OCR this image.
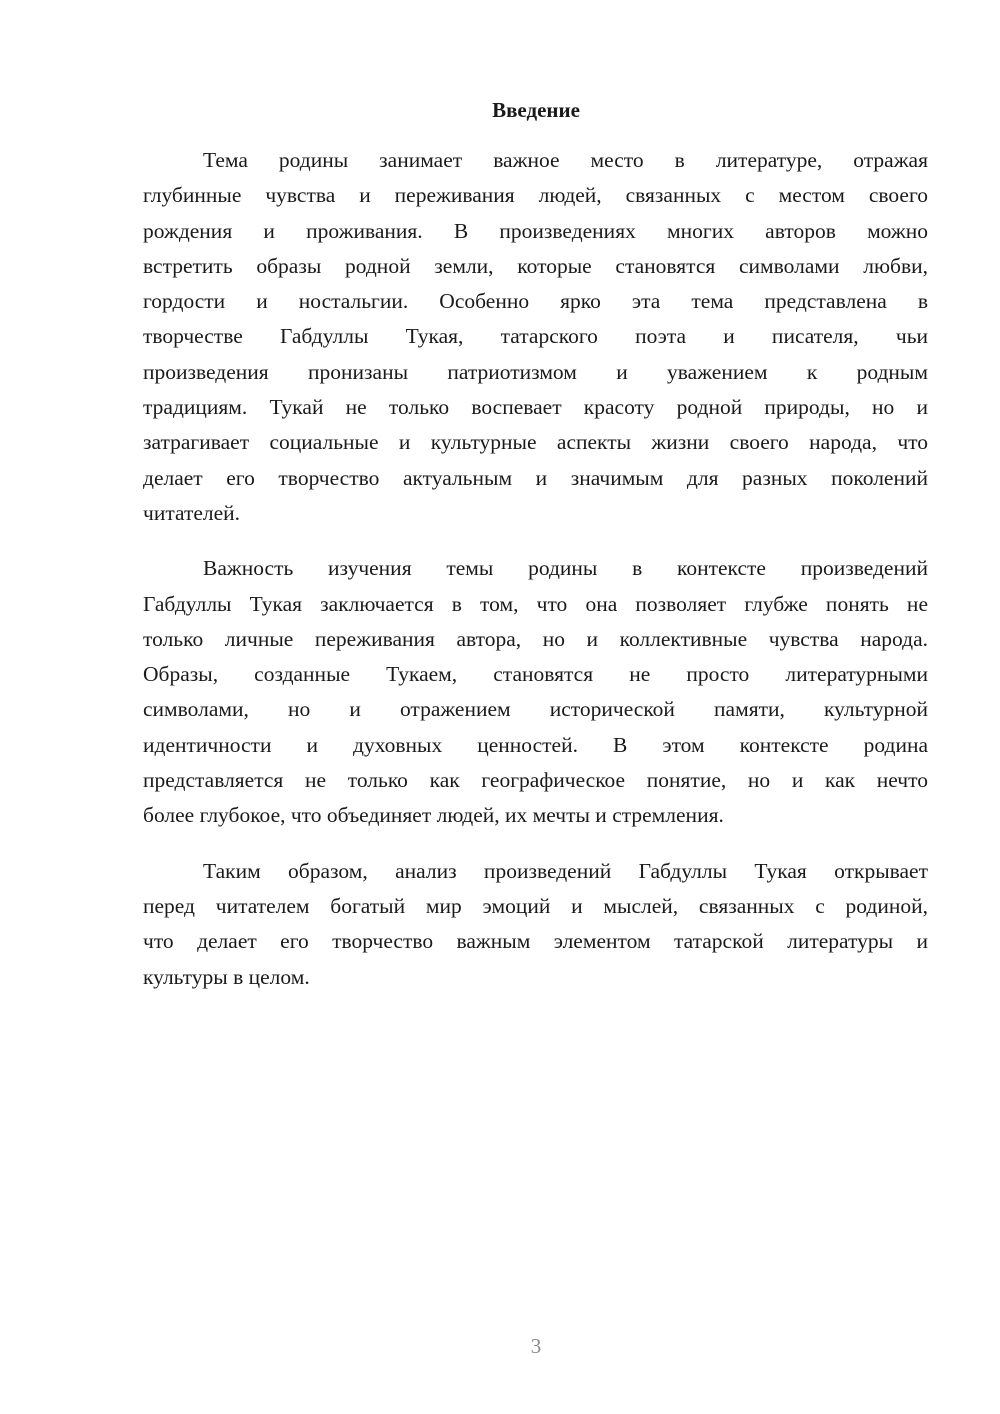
Введение
Тема родины занимает важное место в литературе, отражая
глубинные чувства и переживания людей, связанных с местом своего
рождения и проживания. В произведениях многих авторов можно
встретить образы родной земли, которые становятся символами любви,
гордости и ностальгии. Особенно ярко эта тема представлена в
творчестве Габдуллы Тукая, татарского поэта и писателя, чьи
произведения пронизаны патриотизмом и уважением к родным
традициям. Тукай не только воспевает красоту родной природы, но и
затрагивает социальные и культурные аспекты жизни своего народа, что
делает его творчество актуальным и значимым для разных поколений
читателей.
Важность изучения темы родины в контексте произведений
Габдуллы Тукая заключается в том, что она позволяет глубже понять не
только личные переживания автора, но и коллективные чувства народа.
Образы, созданные Тукаем, становятся не просто литературными
символами, но и отражением исторической памяти, культурной
идентичности и духовных ценностей. В этом контексте родина
представляется не только как географическое понятие, но и как нечто
более глубокое, что объединяет людей, их мечты и стремления.
Таким образом, анализ произведений Габдуллы Тукая открывает
перед читателем богатый мир эмоций и мыслей, связанных с родиной,
что делает его творчество важным элементом татарской литературы и
культуры в целом.
3
